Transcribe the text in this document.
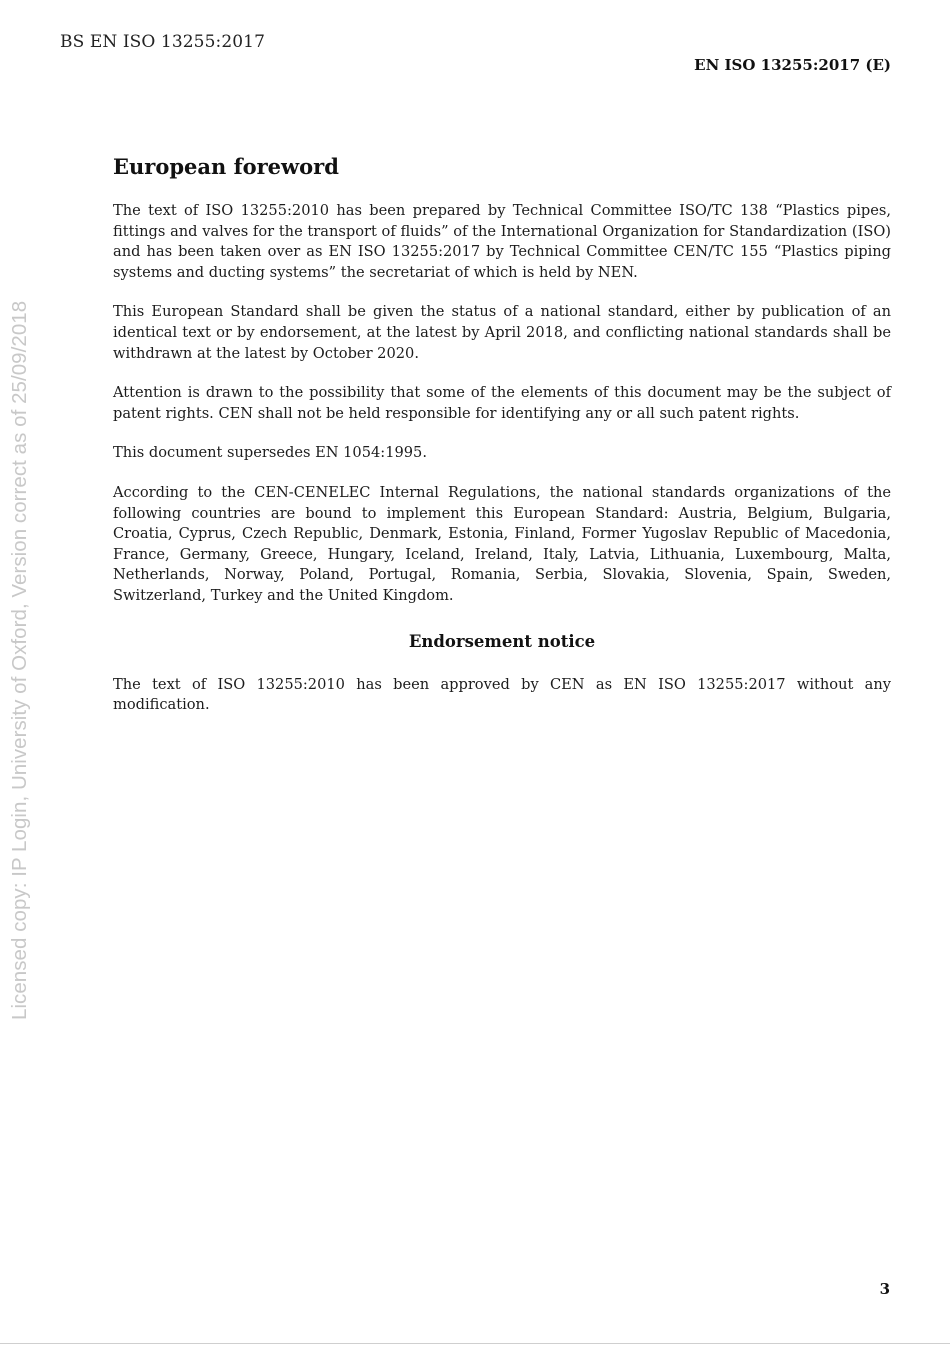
BS EN ISO 13255:2017
EN ISO 13255:2017 (E)
Licensed copy: IP Login, University of Oxford, Version correct as of 25/09/2018
European foreword

The text of ISO 13255:2010 has been prepared by Technical Committee ISO/TC 138 “Plastics pipes, fittings and valves for the transport of fluids” of the International Organization for Standardization (ISO) and has been taken over as EN ISO 13255:2017 by Technical Committee CEN/TC 155 “Plastics piping systems and ducting systems” the secretariat of which is held by NEN.

This European Standard shall be given the status of a national standard, either by publication of an identical text or by endorsement, at the latest by April 2018, and conflicting national standards shall be withdrawn at the latest by October 2020.

Attention is drawn to the possibility that some of the elements of this document may be the subject of patent rights. CEN shall not be held responsible for identifying any or all such patent rights.

This document supersedes EN 1054:1995.

According to the CEN-CENELEC Internal Regulations, the national standards organizations of the following countries are bound to implement this European Standard: Austria, Belgium, Bulgaria, Croatia, Cyprus, Czech Republic, Denmark, Estonia, Finland, Former Yugoslav Republic of Macedonia, France, Germany, Greece, Hungary, Iceland, Ireland, Italy, Latvia, Lithuania, Luxembourg, Malta, Netherlands, Norway, Poland, Portugal, Romania, Serbia, Slovakia, Slovenia, Spain, Sweden, Switzerland, Turkey and the United Kingdom.

Endorsement notice

The text of ISO 13255:2010 has been approved by CEN as EN ISO 13255:2017 without any modification.

3
